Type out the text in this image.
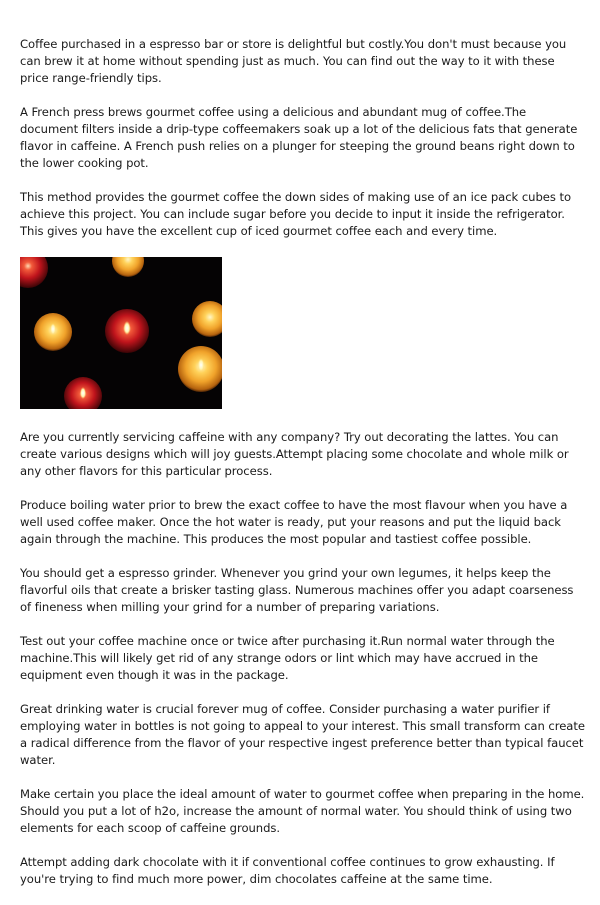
Coffee purchased in a espresso bar or store is delightful but costly.You don't must because you can brew it at home without spending just as much. You can find out the way to it with these price range-friendly tips.

A French press brews gourmet coffee using a delicious and abundant mug of coffee.The document filters inside a drip-type coffeemakers soak up a lot of the delicious fats that generate flavor in caffeine. A French push relies on a plunger for steeping the ground beans right down to the lower cooking pot.

This method provides the gourmet coffee the down sides of making use of an ice pack cubes to achieve this project. You can include sugar before you decide to input it inside the refrigerator. This gives you have the excellent cup of iced gourmet coffee each and every time.

Are you currently servicing caffeine with any company? Try out decorating the lattes. You can create various designs which will joy guests.Attempt placing some chocolate and whole milk or any other flavors for this particular process.

Produce boiling water prior to brew the exact coffee to have the most flavour when you have a well used coffee maker. Once the hot water is ready, put your reasons and put the liquid back again through the machine. This produces the most popular and tastiest coffee possible.

You should get a espresso grinder. Whenever you grind your own legumes, it helps keep the flavorful oils that create a brisker tasting glass. Numerous machines offer you adapt coarseness of fineness when milling your grind for a number of preparing variations.

Test out your coffee machine once or twice after purchasing it.Run normal water through the machine.This will likely get rid of any strange odors or lint which may have accrued in the equipment even though it was in the package.

Great drinking water is crucial forever mug of coffee. Consider purchasing a water purifier if employing water in bottles is not going to appeal to your interest. This small transform can create a radical difference from the flavor of your respective ingest preference better than typical faucet water.

Make certain you place the ideal amount of water to gourmet coffee when preparing in the home. Should you put a lot of h2o, increase the amount of normal water. You should think of using two elements for each scoop of caffeine grounds.

Attempt adding dark chocolate with it if conventional coffee continues to grow exhausting. If you're trying to find much more power, dim chocolates caffeine at the same time.
